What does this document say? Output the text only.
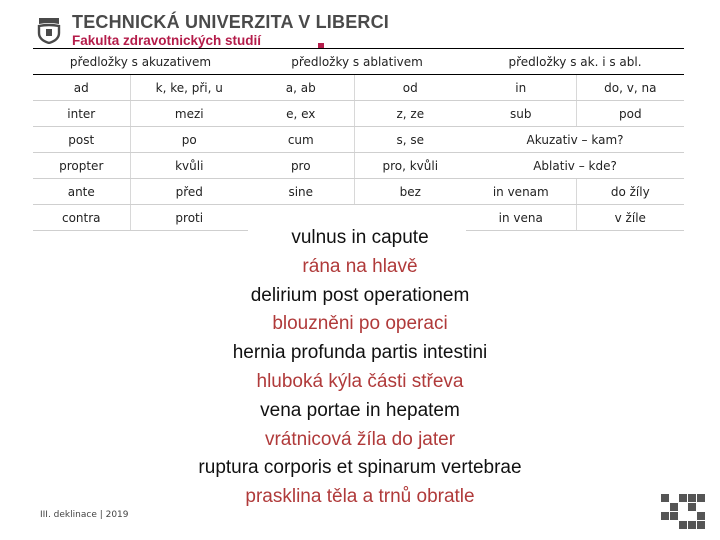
TECHNICKÁ UNIVERZITA V LIBERCI
Fakulta zdravotnických studií
předložky s akuzativem		předložky s ablativem		předložky s ak. i s abl.	
ad	k, ke, při, u	a, ab	od	in	do, v, na
inter	mezi	e, ex	z, ze	sub	pod
post	po	cum	s, se	Akuzativ – kam?	
propter	kvůli	pro	pro, kvůli	Ablativ – kde?	
ante	před	sine	bez	in venam	do žíly
contra	proti			in vena	v žíle
vulnus in capute
rána na hlavě
delirium post operationem
blouzněni po operaci
hernia profunda partis intestini
hluboká kýla části střeva
vena portae in hepatem
vrátnicová žíla do jater
ruptura corporis et spinarum vertebrae
prasklina těla a trnů obratle
III. deklinace | 2019
